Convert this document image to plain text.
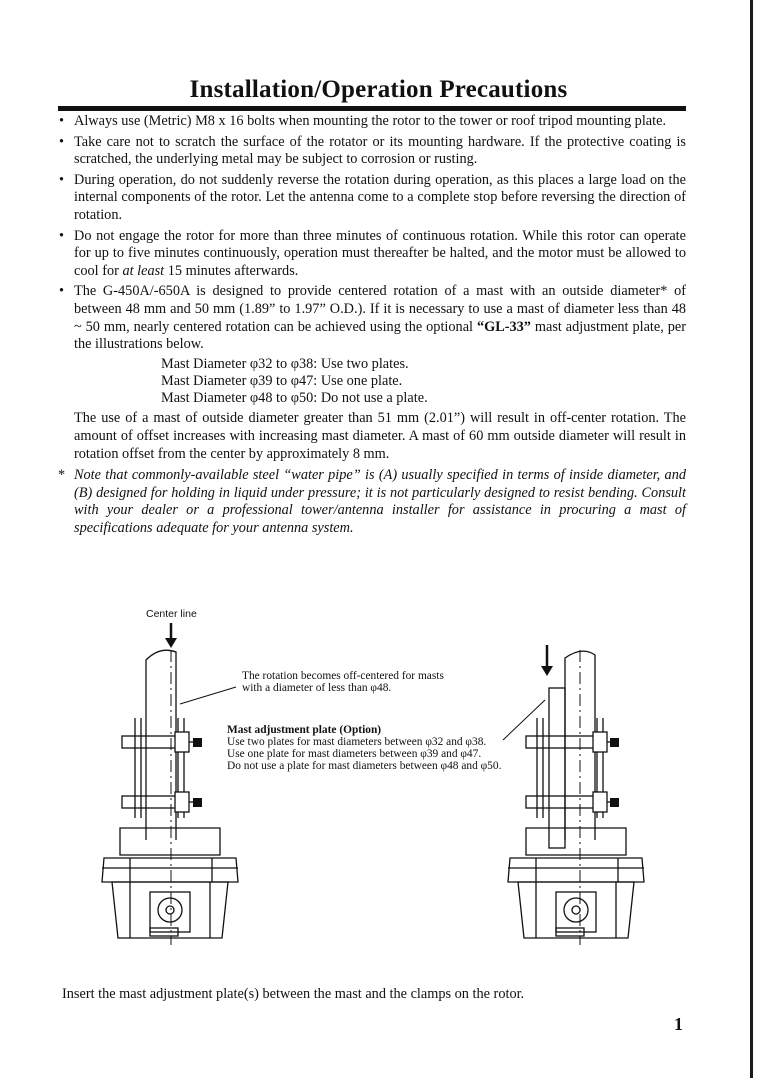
Installation/Operation Precautions
• Always use (Metric) M8 x 16 bolts when mounting the rotor to the tower or roof tripod mounting plate.
• Take care not to scratch the surface of the rotator or its mounting hardware. If the protective coating is scratched, the underlying metal may be subject to corrosion or rusting.
• During operation, do not suddenly reverse the rotation during operation, as this places a large load on the internal components of the rotor. Let the antenna come to a complete stop before reversing the direction of rotation.
• Do not engage the rotor for more than three minutes of continuous rotation. While this rotor can operate for up to five minutes continuously, operation must thereafter be halted, and the motor must be allowed to cool for at least 15 minutes afterwards.
• The G-450A/-650A is designed to provide centered rotation of a mast with an outside diameter* of between 48 mm and 50 mm (1.89” to 1.97” O.D.). If it is necessary to use a mast of diameter less than 48 ~ 50 mm, nearly centered rotation can be achieved using the optional “GL-33” mast adjustment plate, per the illustrations below.
Mast Diameter φ32 to φ38: Use two plates.
Mast Diameter φ39 to φ47: Use one plate.
Mast Diameter φ48 to φ50: Do not use a plate.
The use of a mast of outside diameter greater than 51 mm (2.01”) will result in off-center rotation. The amount of offset increases with increasing mast diameter. A mast of 60 mm outside diameter will result in rotation offset from the center by approximately 8 mm.
* Note that commonly-available steel “water pipe” is (A) usually specified in terms of inside diameter, and (B) designed for holding in liquid under pressure; it is not particularly designed to resist bending. Consult with your dealer or a professional tower/antenna installer for assistance in procuring a mast of specifications adequate for your antenna system.
Center line
The rotation becomes off-centered for masts
with a diameter of less than φ48.
Mast adjustment plate (Option)
Use two plates for mast diameters between φ32 and φ38.
Use one plate for mast diameters between φ39 and φ47.
Do not use a plate for mast diameters between φ48 and φ50.
Insert the mast adjustment plate(s) between the mast and the clamps on the rotor.
1
